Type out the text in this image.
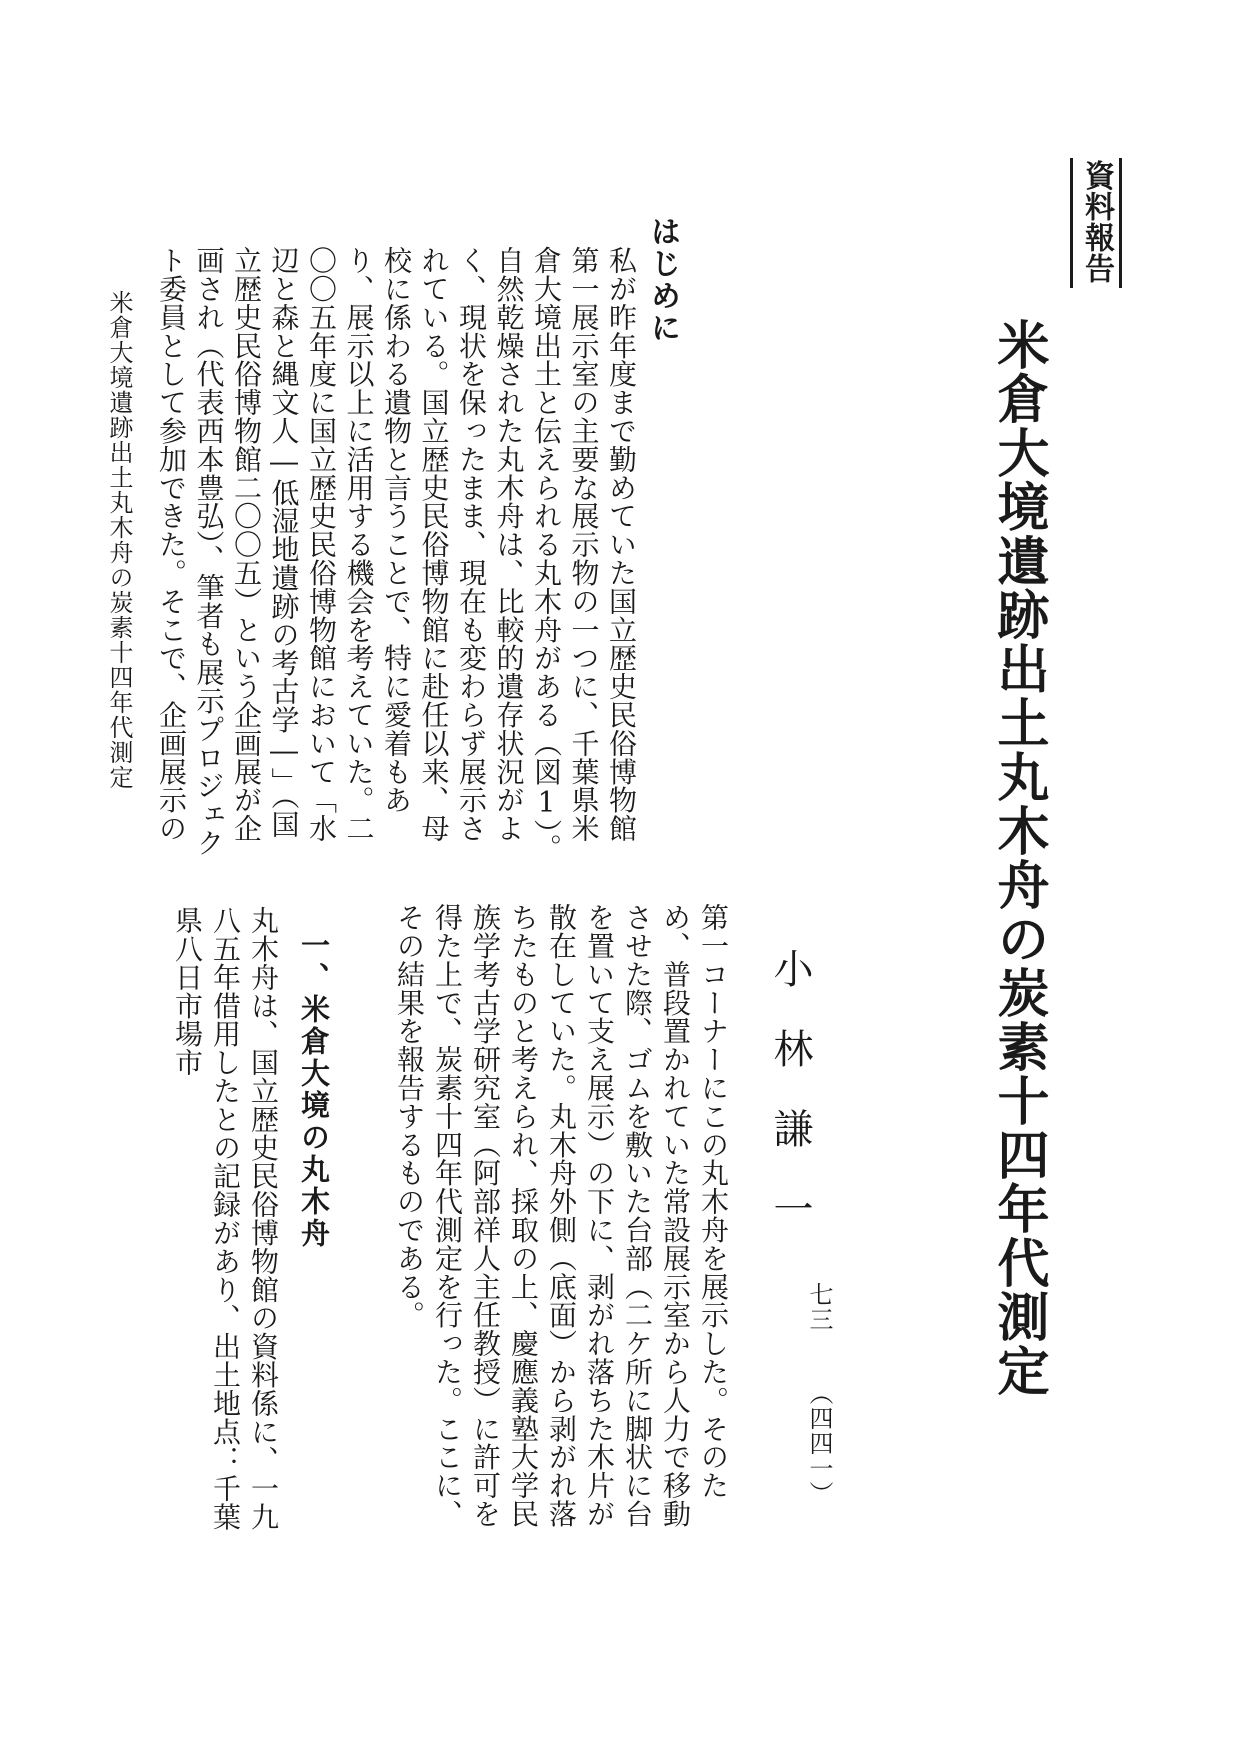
資料報告

米倉大境遺跡出土丸木舟の炭素十四年代測定

小林謙一

はじめに

私が昨年度まで勤めていた国立歴史民俗博物館第一展示室の主要な展示物の一つに、千葉県米倉大境出土と伝えられる丸木舟がある（図1）。自然乾燥された丸木舟は、比較的遺存状況がよく、現状を保ったまま、現在も変わらず展示されている。国立歴史民俗博物館に赴任以来、母校に係わる遺物と言うことで、特に愛着もあり、展示以上に活用する機会を考えていた。二〇〇五年度に国立歴史民俗博物館において「水辺と森と縄文人―低湿地遺跡の考古学―」（国立歴史民俗博物館二〇〇五）という企画展が企画され（代表西本豊弘）、筆者も展示プロジェクト委員として参加できた。そこで、企画展示の

第一コーナーにこの丸木舟を展示した。そのため、普段置かれていた常設展示室から人力で移動させた際、ゴムを敷いた台部（二ケ所に脚状に台を置いて支え展示）の下に、剥がれ落ちた木片が散在していた。丸木舟外側（底面）から剥がれ落ちたものと考えられ、採取の上、慶應義塾大学民族学考古学研究室（阿部祥人主任教授）に許可を得た上で、炭素十四年代測定を行った。ここに、その結果を報告するものである。

一、米倉大境の丸木舟

丸木舟は、国立歴史民俗博物館の資料係に、一九八五年借用したとの記録があり、出土地点：千葉県八日市場市

米倉大境遺跡出土丸木舟の炭素十四年代測定

七三 （四四一）
